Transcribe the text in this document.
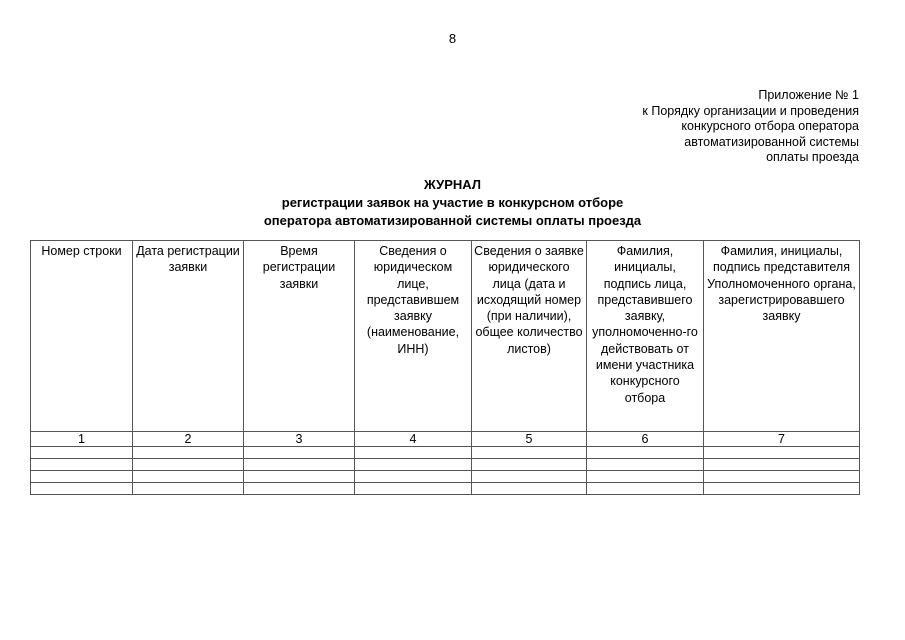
8
Приложение № 1
к Порядку организации и проведения
конкурсного отбора оператора
автоматизированной системы
оплаты проезда
ЖУРНАЛ
регистрации заявок на участие в конкурсном отборе
оператора автоматизированной системы оплаты проезда
Номер строки	Дата регистрации заявки	Время регистрации заявки	Сведения о юридическом лице, представившем заявку (наименование, ИНН)	Сведения о заявке юридического лица (дата и исходящий номер (при наличии), общее количество листов)	Фамилия, инициалы, подпись лица, представившего заявку, уполномоченно-го действовать от имени участника конкурсного отбора	Фамилия, инициалы, подпись представителя Уполномоченного органа, зарегистрировавшего заявку
1	2	3	4	5	6	7
